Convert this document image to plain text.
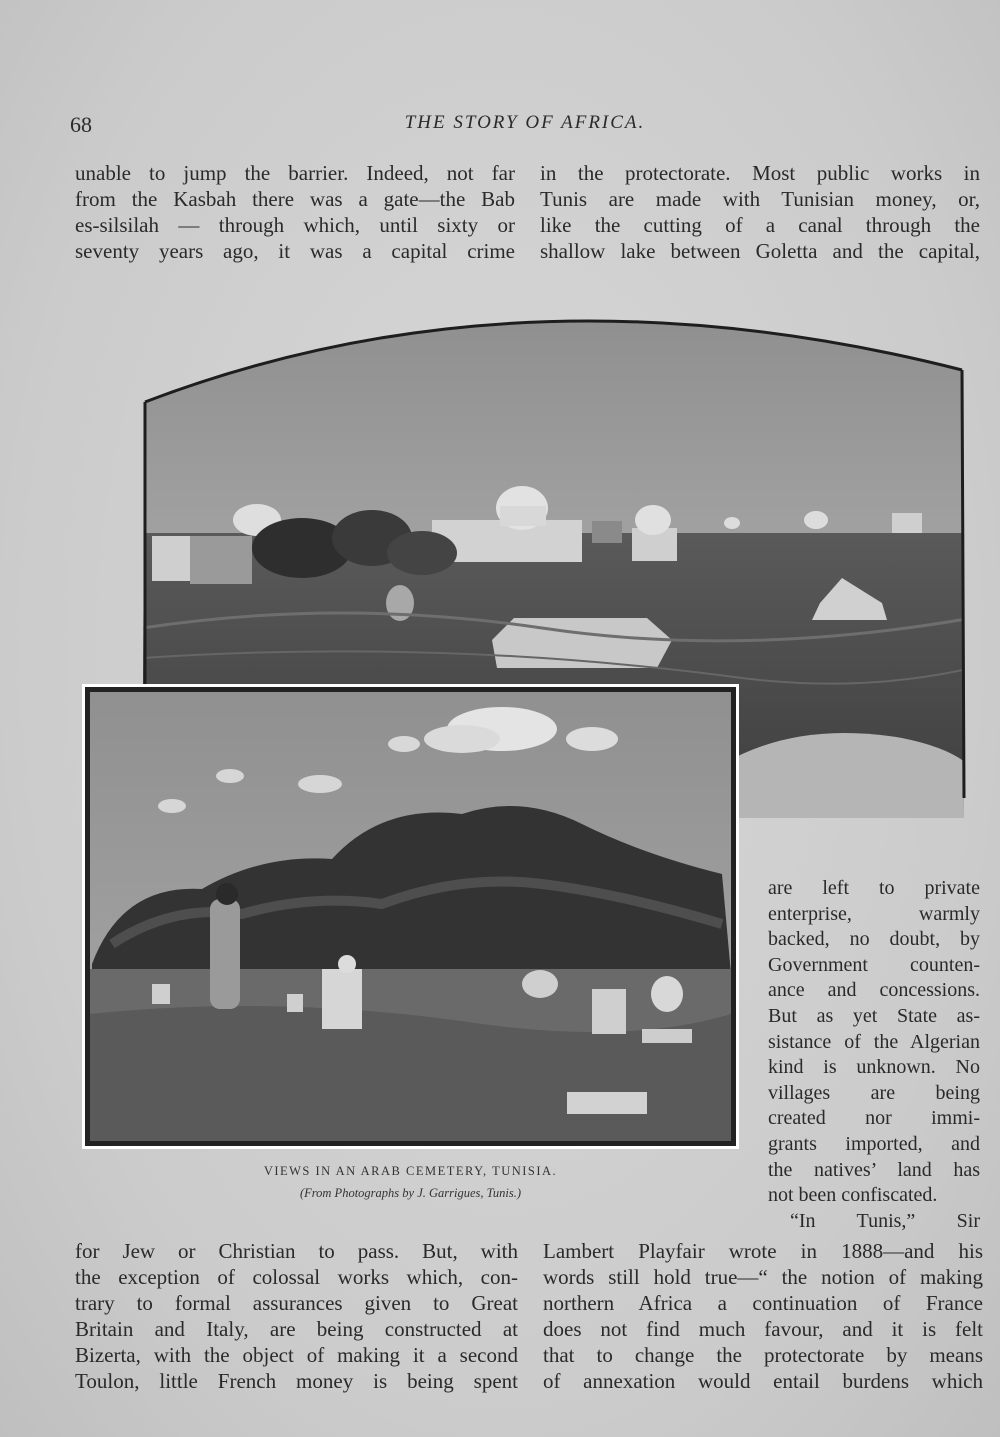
68	THE STORY OF AFRICA.
unable to jump the barrier. Indeed, not far
from the Kasbah there was a gate—the Bab
es-silsilah — through which, until sixty or
seventy years ago, it was a capital crime
in the protectorate. Most public works in
Tunis are made with Tunisian money, or,
like the cutting of a canal through the
shallow lake between Goletta and the capital,
VIEWS IN AN ARAB CEMETERY, TUNISIA.
(From Photographs by J. Garrigues, Tunis.)
are left to private
enterprise, warmly
backed, no doubt, by
Government counten-
ance and concessions.
But as yet State as-
sistance of the Algerian
kind is unknown. No
villages are being
created nor immi-
grants imported, and
the natives’ land has
not been confiscated.
“In Tunis,” Sir
for Jew or Christian to pass. But, with
the exception of colossal works which, con-
trary to formal assurances given to Great
Britain and Italy, are being constructed at
Bizerta, with the object of making it a second
Toulon, little French money is being spent
Lambert Playfair wrote in 1888—and his
words still hold true—“ the notion of making
northern Africa a continuation of France
does not find much favour, and it is felt
that to change the protectorate by means
of annexation would entail burdens which
